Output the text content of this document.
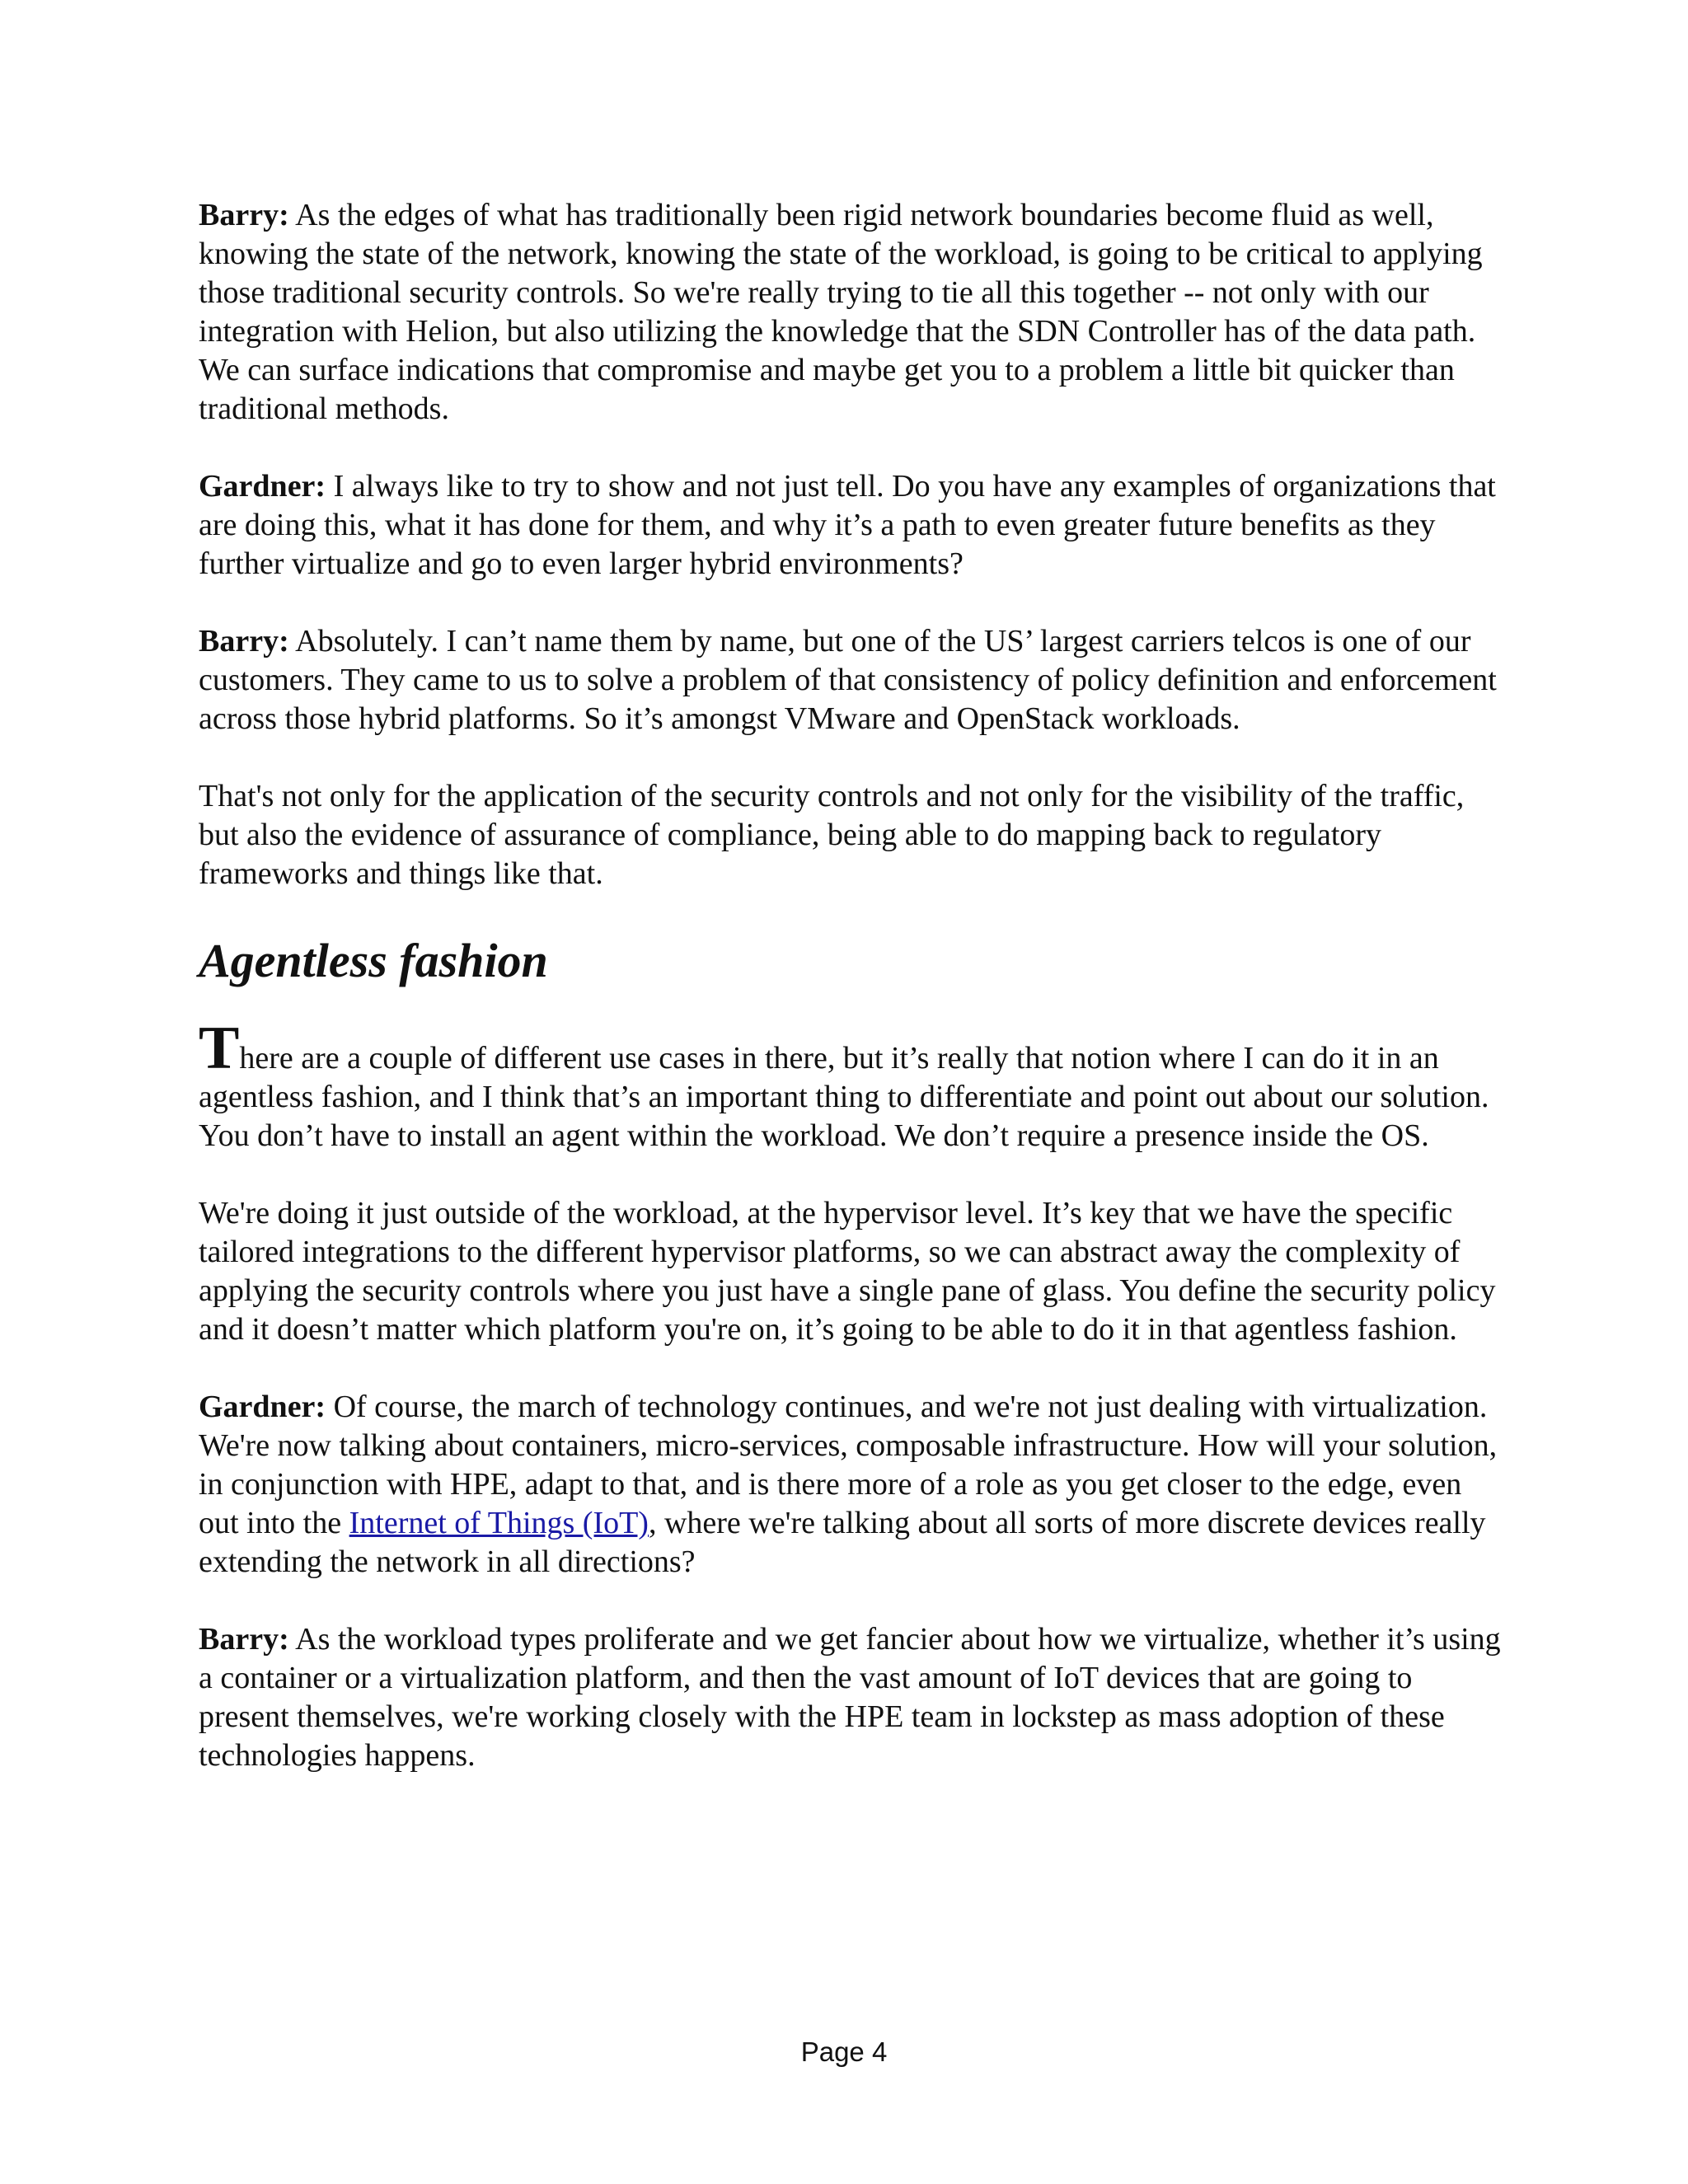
Barry: As the edges of what has traditionally been rigid network boundaries become fluid as well, knowing the state of the network, knowing the state of the workload, is going to be critical to applying those traditional security controls. So we're really trying to tie all this together -- not only with our integration with Helion, but also utilizing the knowledge that the SDN Controller has of the data path. We can surface indications that compromise and maybe get you to a problem a little bit quicker than traditional methods.

Gardner: I always like to try to show and not just tell. Do you have any examples of organizations that are doing this, what it has done for them, and why it’s a path to even greater future benefits as they further virtualize and go to even larger hybrid environments?

Barry: Absolutely. I can’t name them by name, but one of the US’ largest carriers telcos is one of our customers. They came to us to solve a problem of that consistency of policy definition and enforcement across those hybrid platforms. So it’s amongst VMware and OpenStack workloads.

That's not only for the application of the security controls and not only for the visibility of the traffic, but also the evidence of assurance of compliance, being able to do mapping back to regulatory frameworks and things like that.

Agentless fashion

There are a couple of different use cases in there, but it’s really that notion where I can do it in an agentless fashion, and I think that’s an important thing to differentiate and point out about our solution. You don’t have to install an agent within the workload. We don’t require a presence inside the OS.

We're doing it just outside of the workload, at the hypervisor level. It’s key that we have the specific tailored integrations to the different hypervisor platforms, so we can abstract away the complexity of applying the security controls where you just have a single pane of glass. You define the security policy and it doesn’t matter which platform you're on, it’s going to be able to do it in that agentless fashion.

Gardner: Of course, the march of technology continues, and we're not just dealing with virtualization. We're now talking about containers, micro-services, composable infrastructure. How will your solution, in conjunction with HPE, adapt to that, and is there more of a role as you get closer to the edge, even out into the Internet of Things (IoT), where we're talking about all sorts of more discrete devices really extending the network in all directions?

Barry: As the workload types proliferate and we get fancier about how we virtualize, whether it’s using a container or a virtualization platform, and then the vast amount of IoT devices that are going to present themselves, we're working closely with the HPE team in lockstep as mass adoption of these technologies happens.

Page 4
